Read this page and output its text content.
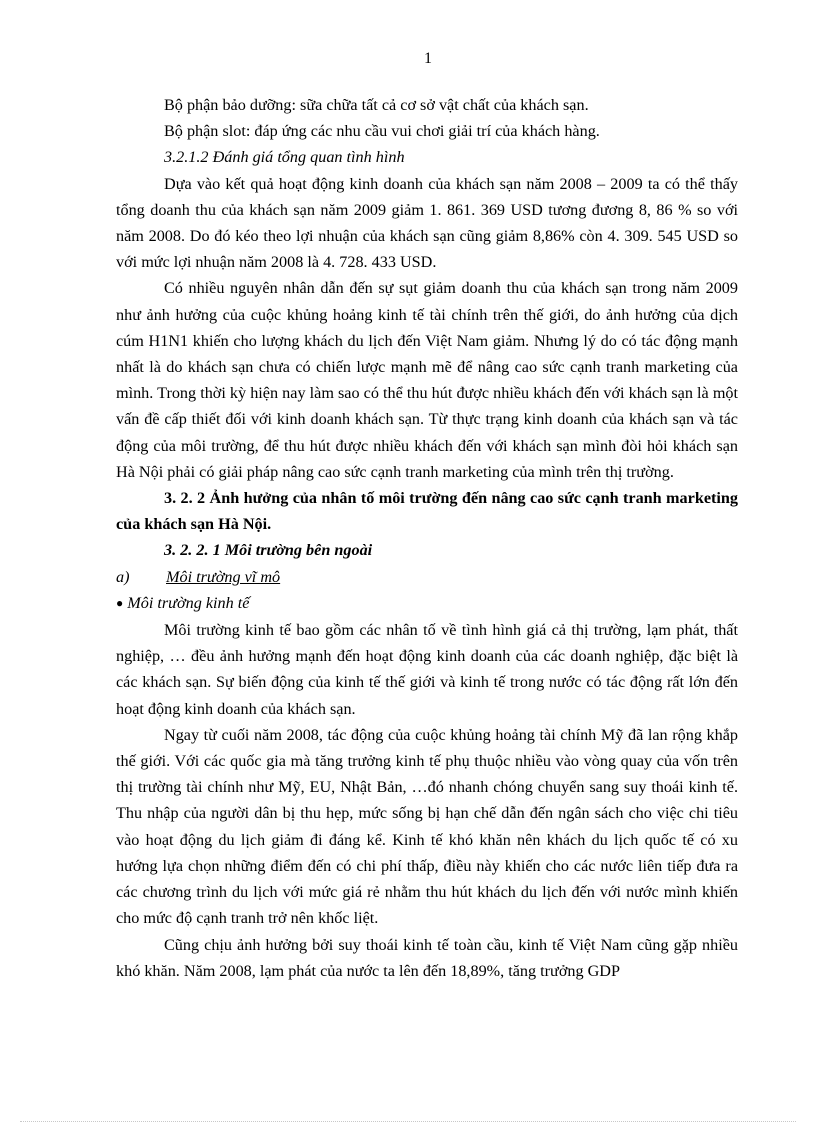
1

Bộ phận bảo dưỡng: sữa chữa tất cả cơ sở vật chất của khách sạn.

Bộ phận slot: đáp ứng các nhu cầu vui chơi giải trí của khách hàng.

3.2.1.2 Đánh giá tổng quan tình hình

Dựa vào kết quả hoạt động kinh doanh của khách sạn năm 2008 – 2009 ta có thể thấy tổng doanh thu của khách sạn năm 2009 giảm 1. 861. 369 USD tương đương 8, 86 % so với năm 2008. Do đó kéo theo lợi nhuận của khách sạn cũng giảm 8,86% còn 4. 309. 545 USD so với mức lợi nhuận năm 2008 là 4. 728. 433 USD.

Có nhiều nguyên nhân dẫn đến sự sụt giảm doanh thu của khách sạn trong năm 2009 như ảnh hưởng của cuộc khủng hoảng kinh tế tài chính trên thế giới, do ảnh hưởng của dịch cúm H1N1 khiến cho lượng khách du lịch đến Việt Nam giảm. Nhưng lý do có tác động mạnh nhất là do khách sạn chưa có chiến lược mạnh mẽ để nâng cao sức cạnh tranh marketing của mình. Trong thời kỳ hiện nay làm sao có thể thu hút được nhiều khách đến với khách sạn là một vấn đề cấp thiết đối với kinh doanh khách sạn. Từ thực trạng kinh doanh của khách sạn và tác động của môi trường, để thu hút được nhiều khách đến với khách sạn mình đòi hỏi khách sạn Hà Nội phải có giải pháp nâng cao sức cạnh tranh marketing của mình trên thị trường.

3. 2. 2 Ảnh hưởng của nhân tố môi trường đến nâng cao sức cạnh tranh marketing của khách sạn Hà Nội.

3. 2. 2. 1 Môi trường bên ngoài

a) Môi trường vĩ mô

● Môi trường kinh tế

Môi trường kinh tế bao gồm các nhân tố về tình hình giá cả thị trường, lạm phát, thất nghiệp, … đều ảnh hưởng mạnh đến hoạt động kinh doanh của các doanh nghiệp, đặc biệt là các khách sạn. Sự biến động của kinh tế thế giới và kinh tế trong nước có tác động rất lớn đến hoạt động kinh doanh của khách sạn.

Ngay từ cuối năm 2008, tác động của cuộc khủng hoảng tài chính Mỹ đã lan rộng khắp thế giới. Với các quốc gia mà tăng trưởng kinh tế phụ thuộc nhiều vào vòng quay của vốn trên thị trường tài chính như Mỹ, EU, Nhật Bản, …đó nhanh chóng chuyển sang suy thoái kinh tế. Thu nhập của người dân bị thu hẹp, mức sống bị hạn chế dẫn đến ngân sách cho việc chi tiêu vào hoạt động du lịch giảm đi đáng kể. Kinh tế khó khăn nên khách du lịch quốc tế có xu hướng lựa chọn những điểm đến có chi phí thấp, điều này khiến cho các nước liên tiếp đưa ra các chương trình du lịch với mức giá rẻ nhằm thu hút khách du lịch đến với nước mình khiến cho mức độ cạnh tranh trở nên khốc liệt.

Cũng chịu ảnh hưởng bởi suy thoái kinh tế toàn cầu, kinh tế Việt Nam cũng gặp nhiều khó khăn. Năm 2008, lạm phát của nước ta lên đến 18,89%, tăng trưởng GDP
